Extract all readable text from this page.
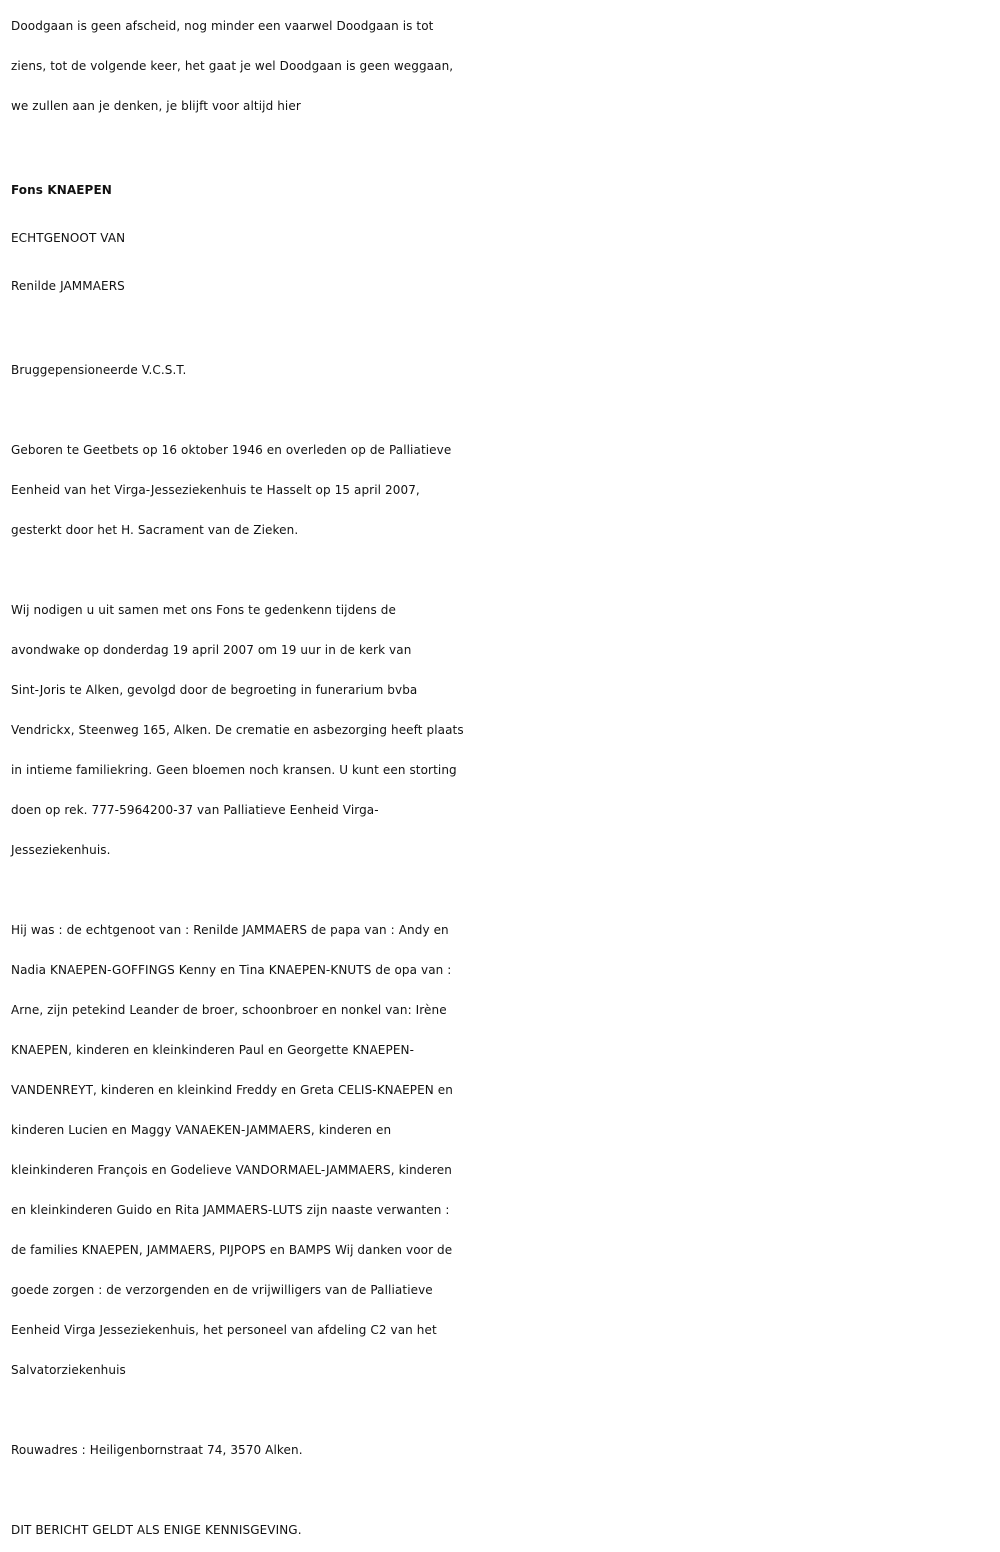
Doodgaan is geen afscheid, nog minder een vaarwel Doodgaan is tot
ziens, tot de volgende keer, het gaat je wel Doodgaan is geen weggaan,
we zullen aan je denken, je blijft voor altijd hier
Fons KNAEPEN
ECHTGENOOT VAN
Renilde JAMMAERS
Bruggepensioneerde V.C.S.T.
Geboren te Geetbets op 16 oktober 1946 en overleden op de Palliatieve
Eenheid van het Virga-Jesseziekenhuis te Hasselt op 15 april 2007,
gesterkt door het H. Sacrament van de Zieken.
Wij nodigen u uit samen met ons Fons te gedenkenn tijdens de
avondwake op donderdag 19 april 2007 om 19 uur in de kerk van
Sint-Joris te Alken, gevolgd door de begroeting in funerarium bvba
Vendrickx, Steenweg 165, Alken. De crematie en asbezorging heeft plaats
in intieme familiekring. Geen bloemen noch kransen. U kunt een storting
doen op rek. 777-5964200-37 van Palliatieve Eenheid Virga-
Jesseziekenhuis.
Hij was : de echtgenoot van : Renilde JAMMAERS de papa van : Andy en
Nadia KNAEPEN-GOFFINGS Kenny en Tina KNAEPEN-KNUTS de opa van :
Arne, zijn petekind Leander de broer, schoonbroer en nonkel van: Irène
KNAEPEN, kinderen en kleinkinderen Paul en Georgette KNAEPEN-
VANDENREYT, kinderen en kleinkind Freddy en Greta CELIS-KNAEPEN en
kinderen Lucien en Maggy VANAEKEN-JAMMAERS, kinderen en
kleinkinderen François en Godelieve VANDORMAEL-JAMMAERS, kinderen
en kleinkinderen Guido en Rita JAMMAERS-LUTS zijn naaste verwanten :
de families KNAEPEN, JAMMAERS, PIJPOPS en BAMPS Wij danken voor de
goede zorgen : de verzorgenden en de vrijwilligers van de Palliatieve
Eenheid Virga Jesseziekenhuis, het personeel van afdeling C2 van het
Salvatorziekenhuis
Rouwadres : Heiligenbornstraat 74, 3570 Alken.
DIT BERICHT GELDT ALS ENIGE KENNISGEVING.
